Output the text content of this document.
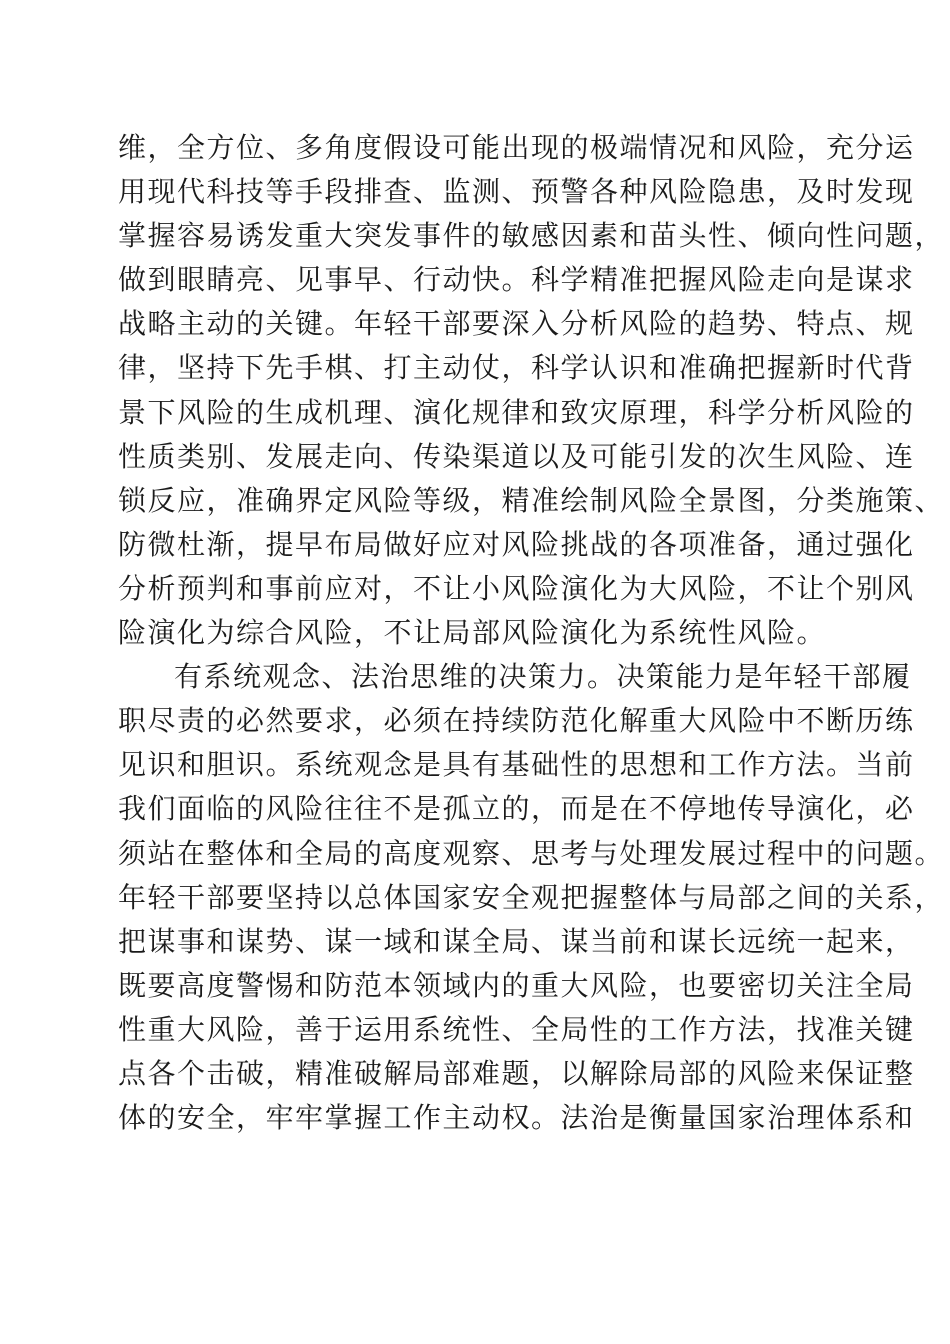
维，全方位、多角度假设可能出现的极端情况和风险，充分运
用现代科技等手段排查、监测、预警各种风险隐患，及时发现
掌握容易诱发重大突发事件的敏感因素和苗头性、倾向性问题，
做到眼睛亮、见事早、行动快。科学精准把握风险走向是谋求
战略主动的关键。年轻干部要深入分析风险的趋势、特点、规
律，坚持下先手棋、打主动仗，科学认识和准确把握新时代背
景下风险的生成机理、演化规律和致灾原理，科学分析风险的
性质类别、发展走向、传染渠道以及可能引发的次生风险、连
锁反应，准确界定风险等级，精准绘制风险全景图，分类施策、
防微杜渐，提早布局做好应对风险挑战的各项准备，通过强化
分析预判和事前应对，不让小风险演化为大风险，不让个别风
险演化为综合风险，不让局部风险演化为系统性风险。
有系统观念、法治思维的决策力。决策能力是年轻干部履
职尽责的必然要求，必须在持续防范化解重大风险中不断历练
见识和胆识。系统观念是具有基础性的思想和工作方法。当前
我们面临的风险往往不是孤立的，而是在不停地传导演化，必
须站在整体和全局的高度观察、思考与处理发展过程中的问题。
年轻干部要坚持以总体国家安全观把握整体与局部之间的关系，
把谋事和谋势、谋一域和谋全局、谋当前和谋长远统一起来，
既要高度警惕和防范本领域内的重大风险，也要密切关注全局
性重大风险，善于运用系统性、全局性的工作方法，找准关键
点各个击破，精准破解局部难题，以解除局部的风险来保证整
体的安全，牢牢掌握工作主动权。法治是衡量国家治理体系和
